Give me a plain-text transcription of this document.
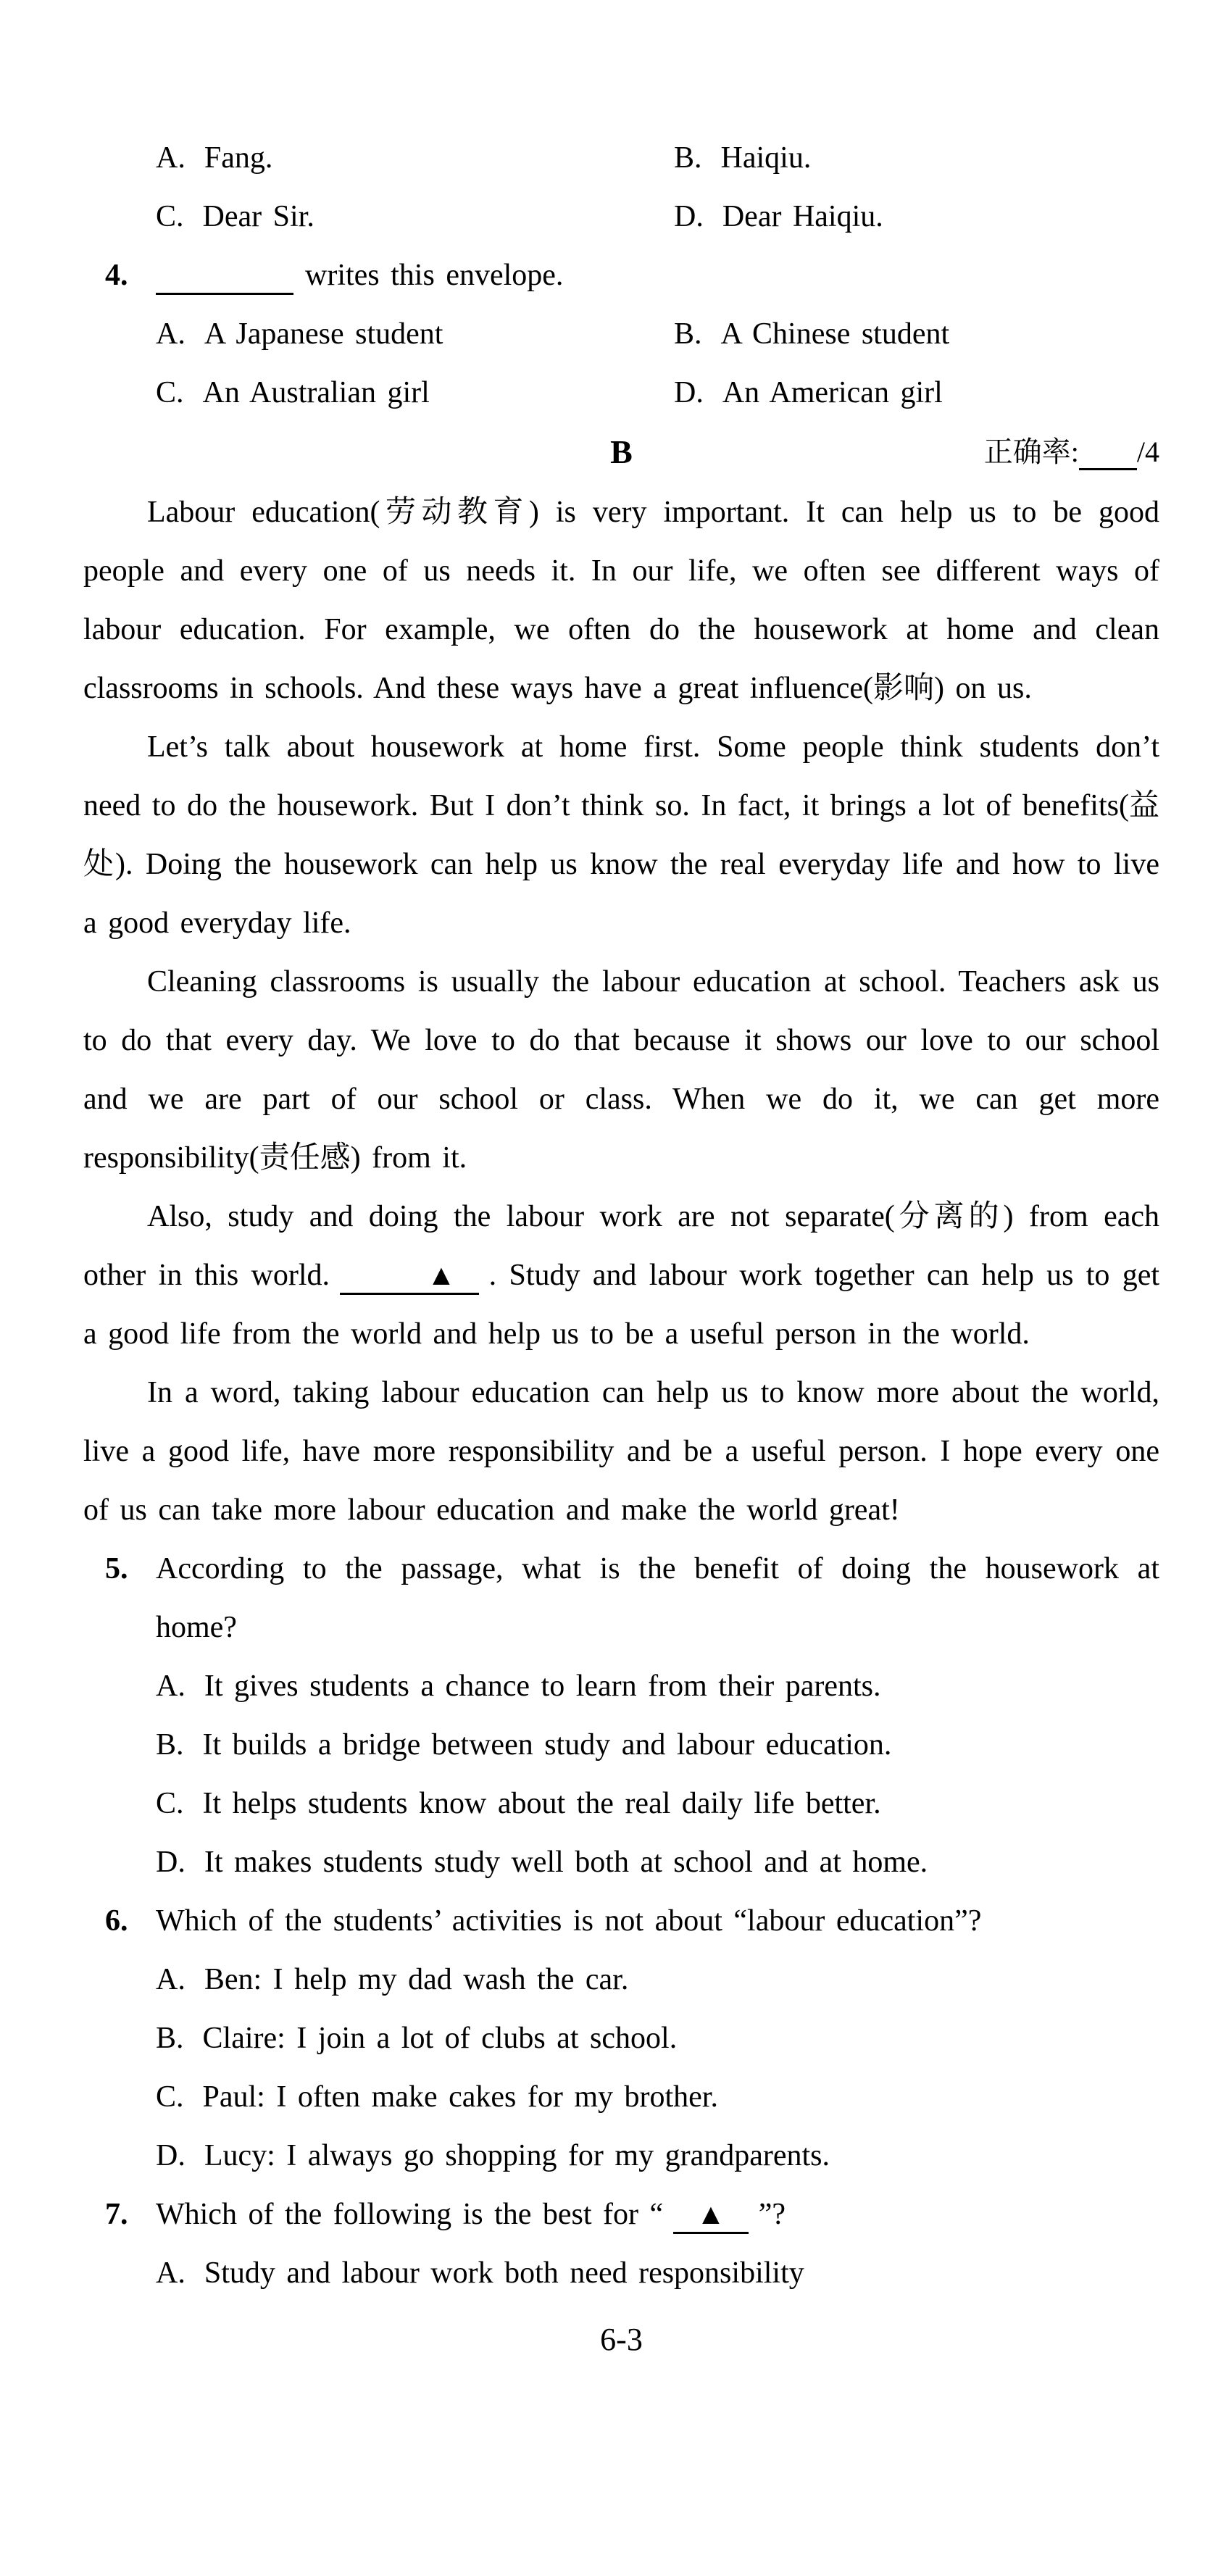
A. Fang.	B. Haiqiu.
C. Dear Sir.	D. Dear Haiqiu.
4.	writes this envelope.
A. A Japanese student	B. A Chinese student
C. An Australian girl	D. An American girl
B	正确率: /4

Labour education(劳动教育) is very important. It can help us to be good people and every one of us needs it. In our life, we often see different ways of labour education. For example, we often do the housework at home and clean classrooms in schools. And these ways have a great influence(影响) on us.

Let’s talk about housework at home first. Some people think students don’t need to do the housework. But I don’t think so. In fact, it brings a lot of benefits(益处). Doing the housework can help us know the real everyday life and how to live a good everyday life.

Cleaning classrooms is usually the labour education at school. Teachers ask us to do that every day. We love to do that because it shows our love to our school and we are part of our school or class. When we do it, we can get more responsibility(责任感) from it.

Also, study and doing the labour work are not separate(分离的) from each other in this world.	▲ . Study and labour work together can help us to get a good life from the world and help us to be a useful person in the world.

In a word, taking labour education can help us to know more about the world, live a good life, have more responsibility and be a useful person. I hope every one of us can take more labour education and make the world great!

5. According to the passage, what is the benefit of doing the housework at home?
A. It gives students a chance to learn from their parents.
B. It builds a bridge between study and labour education.
C. It helps students know about the real daily life better.
D. It makes students study well both at school and at home.
6. Which of the students’ activities is not about “labour education”?
A. Ben: I help my dad wash the car.
B. Claire: I join a lot of clubs at school.
C. Paul: I often make cakes for my brother.
D. Lucy: I always go shopping for my grandparents.
7. Which of the following is the best for “ ▲ ”?
A. Study and labour work both need responsibility
6-3
